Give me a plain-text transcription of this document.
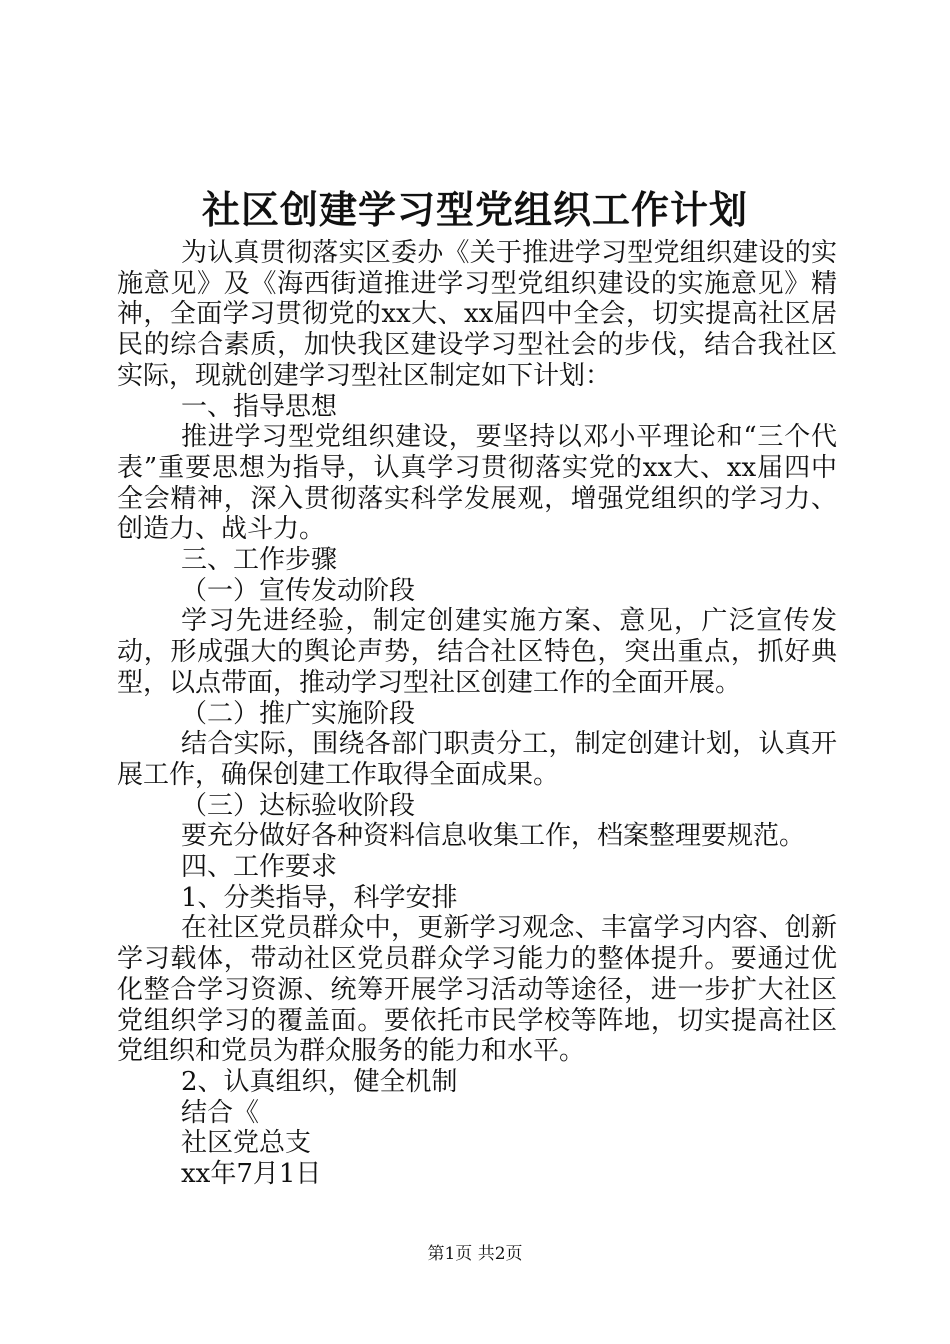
社区创建学习型党组织工作计划

为认真贯彻落实区委办《关于推进学习型党组织建设的实施意见》及《海西街道推进学习型党组织建设的实施意见》精神，全面学习贯彻党的xx大、xx届四中全会，切实提高社区居民的综合素质，加快我区建设学习型社会的步伐，结合我社区实际，现就创建学习型社区制定如下计划：

一、指导思想

推进学习型党组织建设，要坚持以邓小平理论和“三个代表”重要思想为指导，认真学习贯彻落实党的xx大、xx届四中全会精神，深入贯彻落实科学发展观，增强党组织的学习力、创造力、战斗力。

三、工作步骤

（一）宣传发动阶段

学习先进经验，制定创建实施方案、意见，广泛宣传发动，形成强大的舆论声势，结合社区特色，突出重点，抓好典型，以点带面，推动学习型社区创建工作的全面开展。

（二）推广实施阶段

结合实际，围绕各部门职责分工，制定创建计划，认真开展工作，确保创建工作取得全面成果。

（三）达标验收阶段

要充分做好各种资料信息收集工作，档案整理要规范。

四、工作要求

1、分类指导，科学安排

在社区党员群众中，更新学习观念、丰富学习内容、创新学习载体，带动社区党员群众学习能力的整体提升。要通过优化整合学习资源、统筹开展学习活动等途径，进一步扩大社区党组织学习的覆盖面。要依托市民学校等阵地，切实提高社区党组织和党员为群众服务的能力和水平。

2、认真组织，健全机制

结合《

社区党总支

xx年7月1日

第1页 共2页
